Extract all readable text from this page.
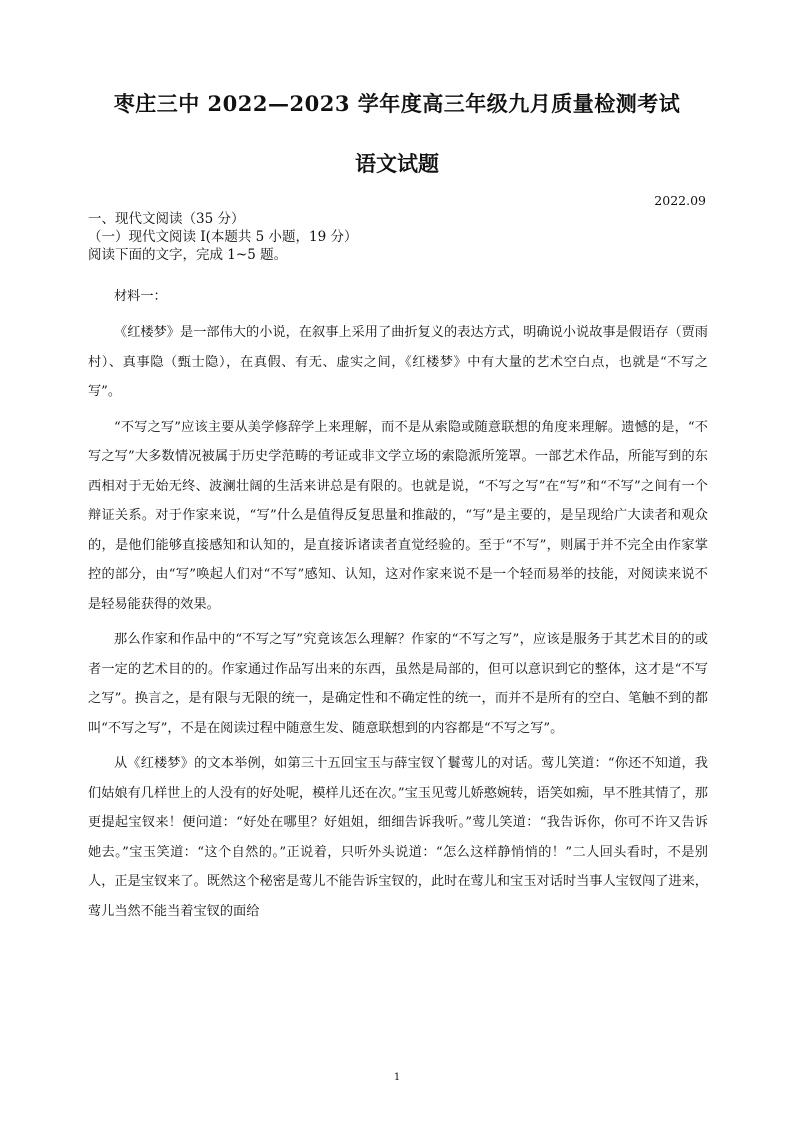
枣庄三中 2022—2023 学年度高三年级九月质量检测考试
语文试题
2022.09
一、现代文阅读（35 分）
（一）现代文阅读 I(本题共 5 小题，19 分）
阅读下面的文字，完成 1~5 题。
材料一：

《红楼梦》是一部伟大的小说，在叙事上采用了曲折复义的表达方式，明确说小说故事是假语存（贾雨村）、真事隐（甄士隐），在真假、有无、虚实之间，《红楼梦》中有大量的艺术空白点，也就是“不写之写”。

“不写之写”应该主要从美学修辞学上来理解，而不是从索隐或随意联想的角度来理解。遗憾的是，“不写之写”大多数情况被属于历史学范畴的考证或非文学立场的索隐派所笼罩。一部艺术作品，所能写到的东西相对于无始无终、波澜壮阔的生活来讲总是有限的。也就是说，“不写之写”在“写”和“不写”之间有一个辩证关系。对于作家来说，“写”什么是值得反复思量和推敲的，“写”是主要的，是呈现给广大读者和观众的，是他们能够直接感知和认知的，是直接诉诸读者直觉经验的。至于“不写”，则属于并不完全由作家掌控的部分，由“写”唤起人们对“不写”感知、认知，这对作家来说不是一个轻而易举的技能，对阅读来说不是轻易能获得的效果。

那么作家和作品中的“不写之写”究竟该怎么理解？作家的“不写之写”，应该是服务于其艺术目的的或者一定的艺术目的的。作家通过作品写出来的东西，虽然是局部的，但可以意识到它的整体，这才是“不写之写”。换言之，是有限与无限的统一，是确定性和不确定性的统一，而并不是所有的空白、笔触不到的都叫“不写之写”，不是在阅读过程中随意生发、随意联想到的内容都是“不写之写”。

从《红楼梦》的文本举例，如第三十五回宝玉与薛宝钗丫鬟莺儿的对话。莺儿笑道：“你还不知道，我们姑娘有几样世上的人没有的好处呢，模样儿还在次。”宝玉见莺儿娇憨婉转，语笑如痴，早不胜其情了，那更提起宝钗来！便问道：“好处在哪里？好姐姐，细细告诉我听。”莺儿笑道：“我告诉你，你可不许又告诉她去。”宝玉笑道：“这个自然的。”正说着，只听外头说道：“怎么这样静悄悄的！”二人回头看时，不是别人，正是宝钗来了。既然这个秘密是莺儿不能告诉宝钗的，此时在莺儿和宝玉对话时当事人宝钗闯了进来，莺儿当然不能当着宝钗的面给

1
